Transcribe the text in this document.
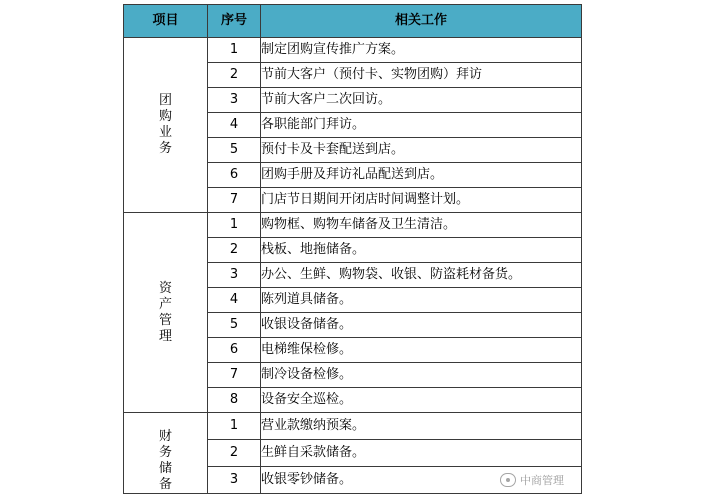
项目	序号	相关工作
团购业务	1	制定团购宣传推广方案。
	2	节前大客户（预付卡、实物团购）拜访
	3	节前大客户二次回访。
	4	各职能部门拜访。
	5	预付卡及卡套配送到店。
	6	团购手册及拜访礼品配送到店。
	7	门店节日期间开闭店时间调整计划。
资产管理	1	购物框、购物车储备及卫生清洁。
	2	栈板、地拖储备。
	3	办公、生鲜、购物袋、收银、防盗耗材备货。
	4	陈列道具储备。
	5	收银设备储备。
	6	电梯维保检修。
	7	制冷设备检修。
	8	设备安全巡检。
财务储备	1	营业款缴纳预案。
	2	生鲜自采款储备。
	3	收银零钞储备。	中商管理
